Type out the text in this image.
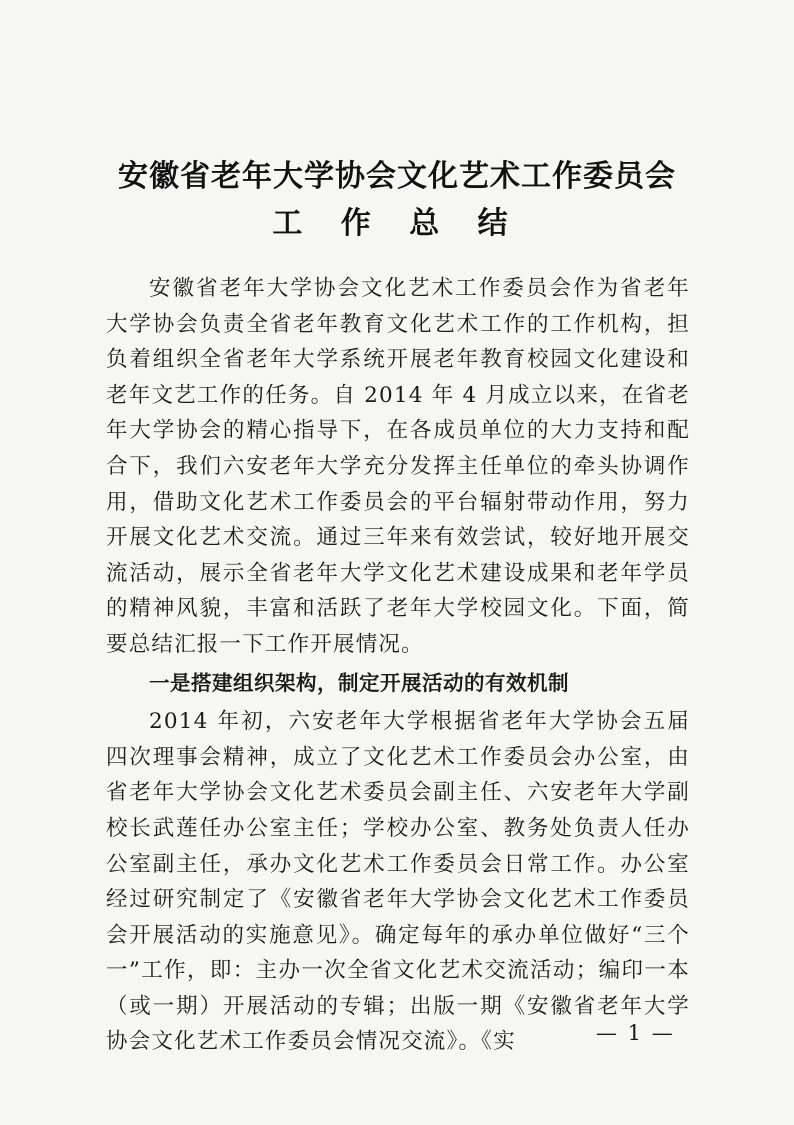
安徽省老年大学协会文化艺术工作委员会
工 作 总 结

安徽省老年大学协会文化艺术工作委员会作为省老年大学协会负责全省老年教育文化艺术工作的工作机构，担负着组织全省老年大学系统开展老年教育校园文化建设和老年文艺工作的任务。自 2014 年 4 月成立以来，在省老年大学协会的精心指导下，在各成员单位的大力支持和配合下，我们六安老年大学充分发挥主任单位的牵头协调作用，借助文化艺术工作委员会的平台辐射带动作用，努力开展文化艺术交流。通过三年来有效尝试，较好地开展交流活动，展示全省老年大学文化艺术建设成果和老年学员的精神风貌，丰富和活跃了老年大学校园文化。下面，简要总结汇报一下工作开展情况。

一是搭建组织架构，制定开展活动的有效机制

2014 年初，六安老年大学根据省老年大学协会五届四次理事会精神，成立了文化艺术工作委员会办公室，由省老年大学协会文化艺术委员会副主任、六安老年大学副校长武莲任办公室主任；学校办公室、教务处负责人任办公室副主任，承办文化艺术工作委员会日常工作。办公室经过研究制定了《安徽省老年大学协会文化艺术工作委员会开展活动的实施意见》。确定每年的承办单位做好“三个一”工作，即：主办一次全省文化艺术交流活动；编印一本（或一期）开展活动的专辑；出版一期《安徽省老年大学协会文化艺术工作委员会情况交流》。《实	— 1 —
